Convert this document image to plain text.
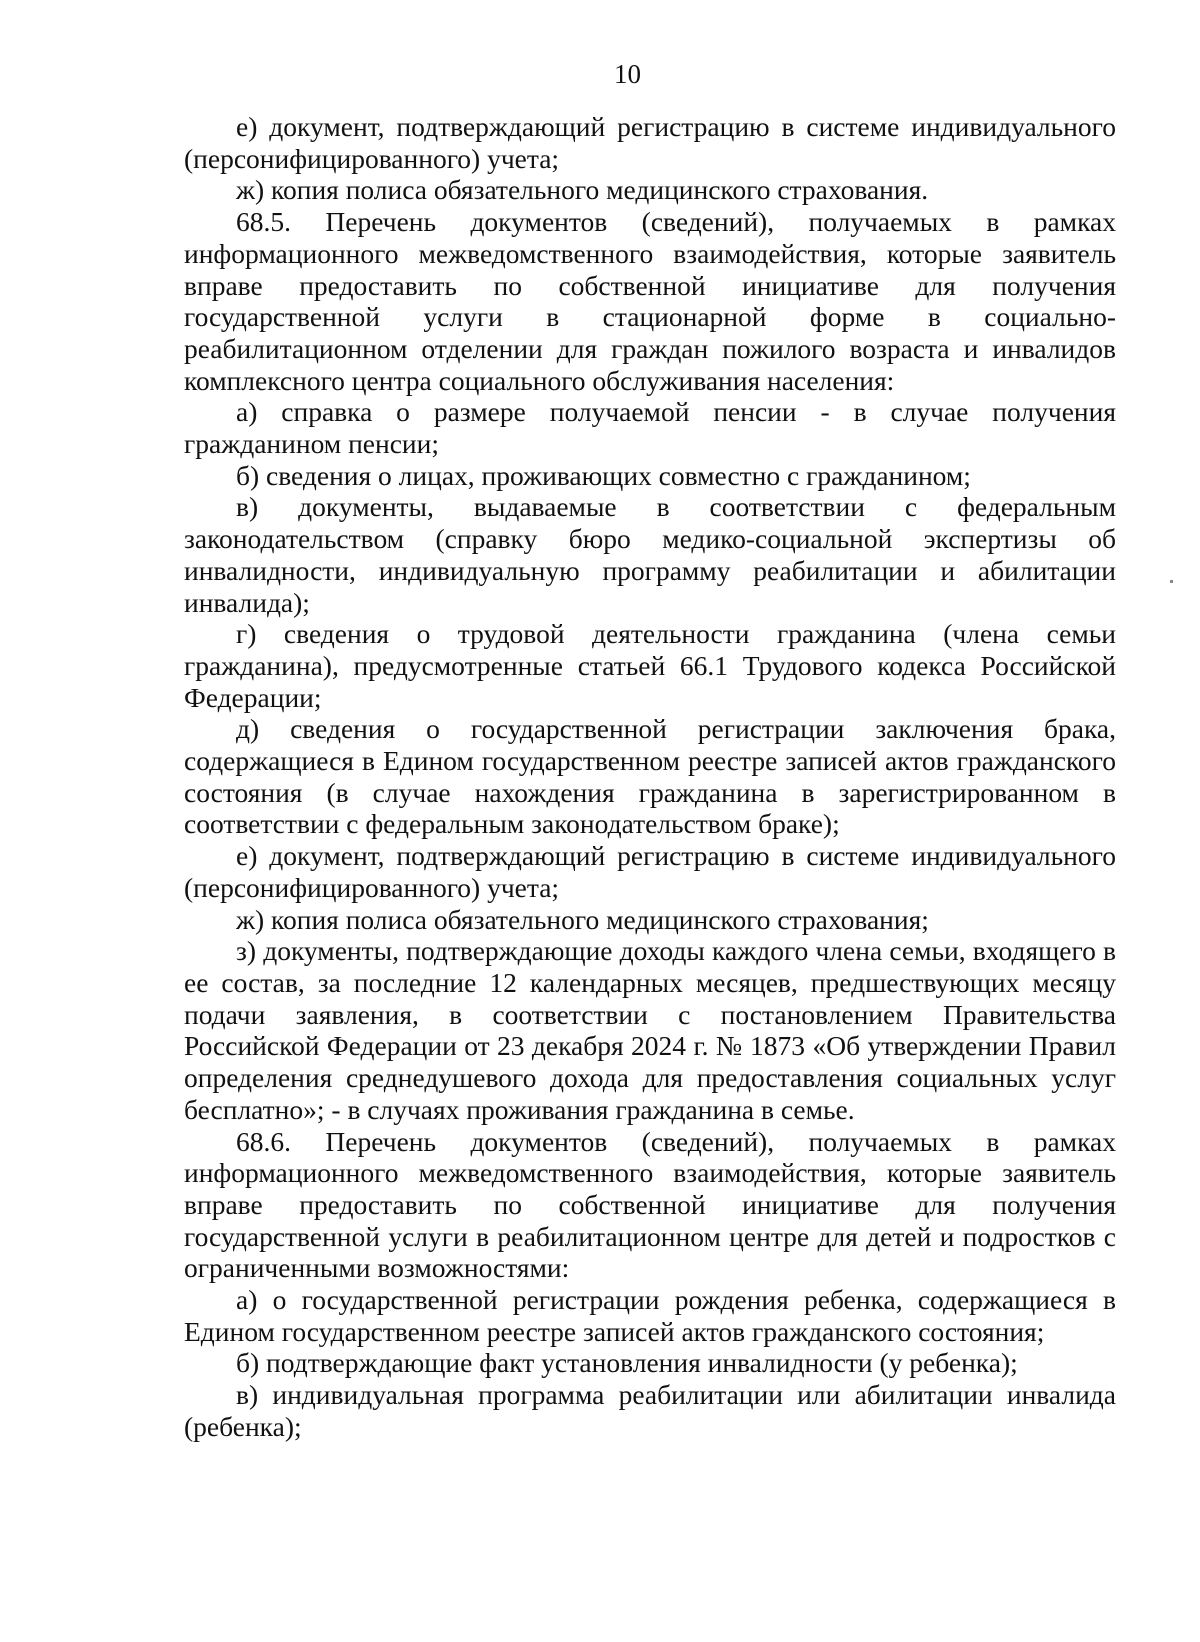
10

е) документ, подтверждающий регистрацию в системе индивидуального (персонифицированного) учета;

ж) копия полиса обязательного медицинского страхования.

68.5. Перечень документов (сведений), получаемых в рамках информационного межведомственного взаимодействия, которые заявитель вправе предоставить по собственной инициативе для получения государственной услуги в стационарной форме в социально-реабилитационном отделении для граждан пожилого возраста и инвалидов комплексного центра социального обслуживания населения:

а) справка о размере получаемой пенсии - в случае получения гражданином пенсии;

б) сведения о лицах, проживающих совместно с гражданином;

в) документы, выдаваемые в соответствии с федеральным законодательством (справку бюро медико-социальной экспертизы об инвалидности, индивидуальную программу реабилитации и абилитации инвалида);

г) сведения о трудовой деятельности гражданина (члена семьи гражданина), предусмотренные статьей 66.1 Трудового кодекса Российской Федерации;

д) сведения о государственной регистрации заключения брака, содержащиеся в Едином государственном реестре записей актов гражданского состояния (в случае нахождения гражданина в зарегистрированном в соответствии с федеральным законодательством браке);

е) документ, подтверждающий регистрацию в системе индивидуального (персонифицированного) учета;

ж) копия полиса обязательного медицинского страхования;

з) документы, подтверждающие доходы каждого члена семьи, входящего в ее состав, за последние 12 календарных месяцев, предшествующих месяцу подачи заявления, в соответствии с постановлением Правительства Российской Федерации от 23 декабря 2024 г. № 1873 «Об утверждении Правил определения среднедушевого дохода для предоставления социальных услуг бесплатно»; - в случаях проживания гражданина в семье.

68.6. Перечень документов (сведений), получаемых в рамках информационного межведомственного взаимодействия, которые заявитель вправе предоставить по собственной инициативе для получения государственной услуги в реабилитационном центре для детей и подростков с ограниченными возможностями:

а) о государственной регистрации рождения ребенка, содержащиеся в Едином государственном реестре записей актов гражданского состояния;

б) подтверждающие факт установления инвалидности (у ребенка);

в) индивидуальная программа реабилитации или абилитации инвалида (ребенка);
